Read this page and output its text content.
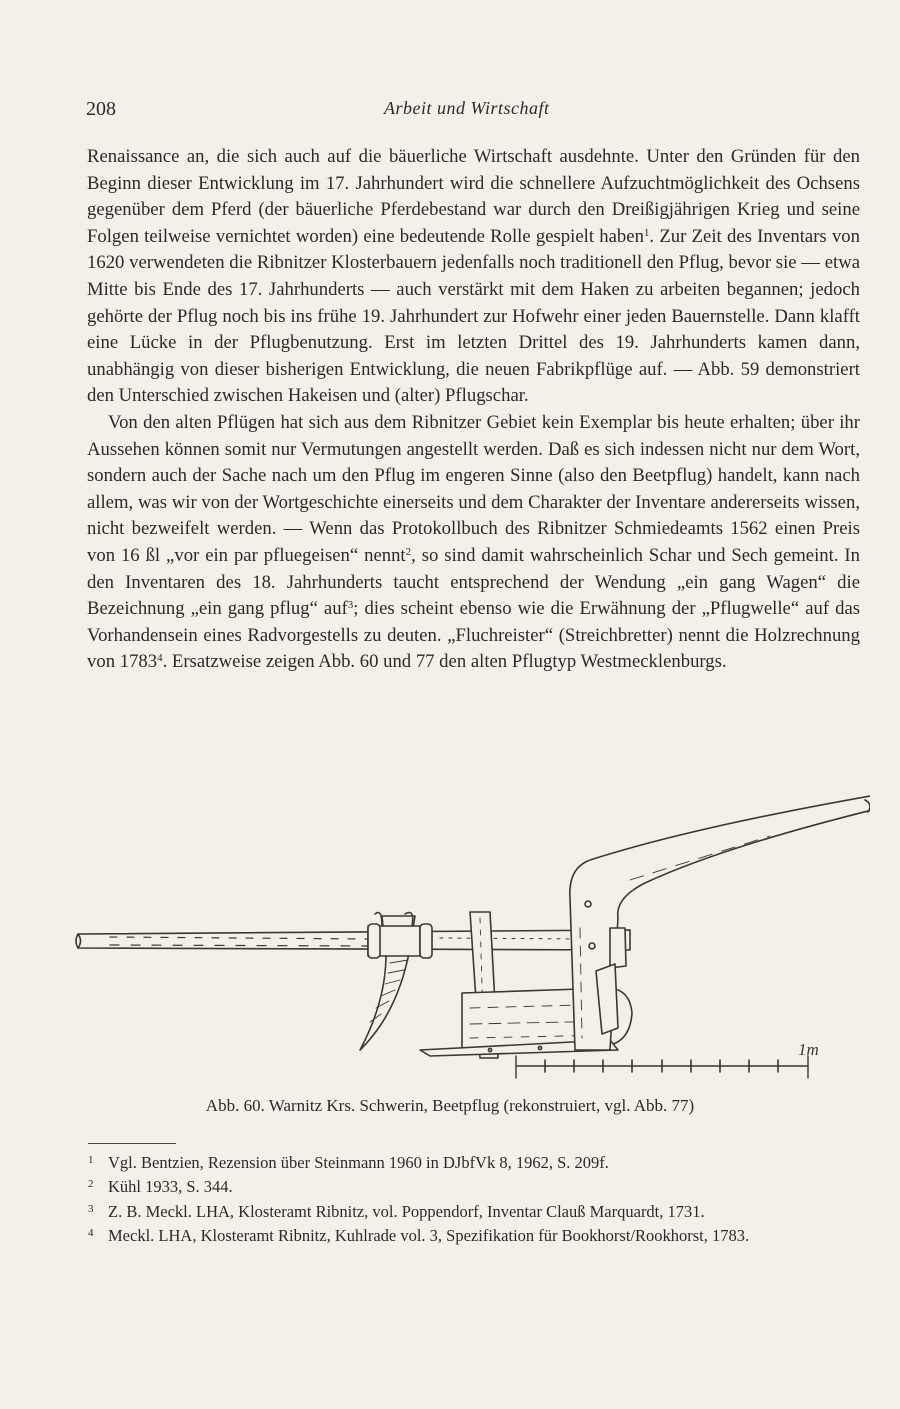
208	Arbeit und Wirtschaft

Renaissance an, die sich auch auf die bäuerliche Wirtschaft ausdehnte. Unter den Gründen für den Beginn dieser Entwicklung im 17. Jahrhundert wird die schnellere Aufzuchtmöglichkeit des Ochsens gegenüber dem Pferd (der bäuerliche Pferdebestand war durch den Dreißigjährigen Krieg und seine Folgen teilweise vernichtet worden) eine bedeutende Rolle gespielt haben$^1$. Zur Zeit des Inventars von 1620 verwendeten die Ribnitzer Klosterbauern jedenfalls noch traditionell den Pflug, bevor sie — etwa Mitte bis Ende des 17. Jahrhunderts — auch verstärkt mit dem Haken zu arbeiten begannen; jedoch gehörte der Pflug noch bis ins frühe 19. Jahrhundert zur Hofwehr einer jeden Bauernstelle. Dann klafft eine Lücke in der Pflugbenutzung. Erst im letzten Drittel des 19. Jahrhunderts kamen dann, unabhängig von dieser bisherigen Entwicklung, die neuen Fabrikpflüge auf. — Abb. 59 demonstriert den Unterschied zwischen Hakeisen und (alter) Pflugschar.

Von den alten Pflügen hat sich aus dem Ribnitzer Gebiet kein Exemplar bis heute erhalten; über ihr Aussehen können somit nur Vermutungen angestellt werden. Daß es sich indessen nicht nur dem Wort, sondern auch der Sache nach um den Pflug im engeren Sinne (also den Beetpflug) handelt, kann nach allem, was wir von der Wortgeschichte einerseits und dem Charakter der Inventare andererseits wissen, nicht bezweifelt werden. — Wenn das Protokollbuch des Ribnitzer Schmiedeamts 1562 einen Preis von 16 ßl „vor ein par pfluegeisen“ nennt$^2$, so sind damit wahrscheinlich Schar und Sech gemeint. In den Inventaren des 18. Jahrhunderts taucht entsprechend der Wendung „ein gang Wagen“ die Bezeichnung „ein gang pflug“ auf$^3$; dies scheint ebenso wie die Erwähnung der „Pflugwelle“ auf das Vorhandensein eines Radvorgestells zu deuten. „Fluchreister“ (Streichbretter) nennt die Holzrechnung von 1783$^4$. Ersatzweise zeigen Abb. 60 und 77 den alten Pflugtyp Westmecklenburgs.

1m
Abb. 60. Warnitz Krs. Schwerin, Beetpflug (rekonstruiert, vgl. Abb. 77)
1 Vgl. Bentzien, Rezension über Steinmann 1960 in DJbfVk 8, 1962, S. 209f.
2 Kühl 1933, S. 344.
3 Z. B. Meckl. LHA, Klosteramt Ribnitz, vol. Poppendorf, Inventar Clauß Marquardt, 1731.
4 Meckl. LHA, Klosteramt Ribnitz, Kuhlrade vol. 3, Spezifikation für Bookhorst/Rookhorst, 1783.
